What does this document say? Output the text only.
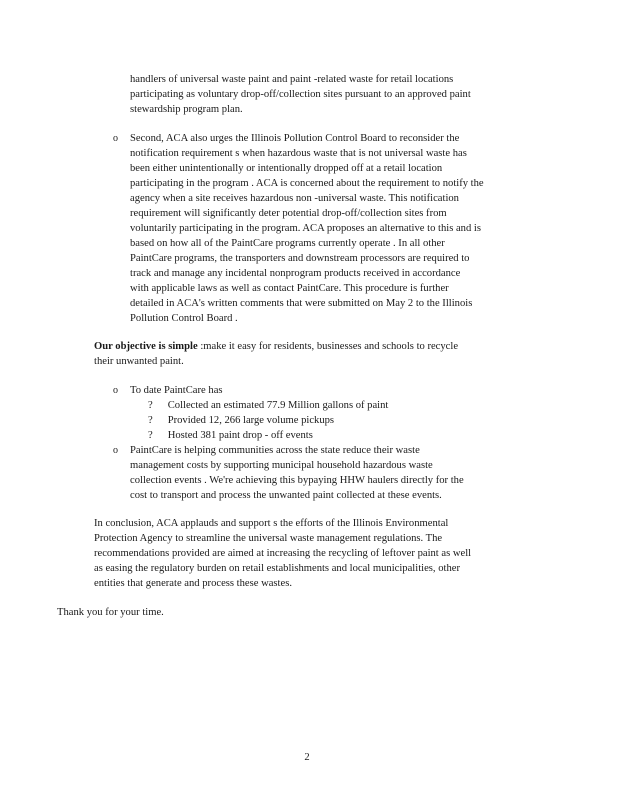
handlers of universal waste paint and paint -related waste for retail locations
participating as voluntary drop-off/collection sites pursuant to an approved paint
stewardship program plan.
o Second, ACA also urges the Illinois Pollution Control Board to reconsider the
notification requirement s when hazardous waste that is not universal waste has
been either unintentionally or intentionally dropped off at a retail location
participating in the program . ACA is concerned about the requirement to notify the
agency when a site receives hazardous non -universal waste. This notification
requirement will significantly deter potential drop-off/collection sites from
voluntarily participating in the program. ACA proposes an alternative to this and is
based on how all of the PaintCare programs currently operate . In all other
PaintCare programs, the transporters and downstream processors are required to
track and manage any incidental nonprogram products received in accordance
with applicable laws as well as contact PaintCare. This procedure is further
detailed in ACA's written comments that were submitted on May 2 to the Illinois
Pollution Control Board .
Our objective is simple :make it easy for residents, businesses and schools to recycle
their unwanted paint.
o To date PaintCare has
? Collected an estimated 77.9 Million gallons of paint
? Provided 12, 266 large volume pickups
? Hosted 381 paint drop - off events
o PaintCare is helping communities across the state reduce their waste
management costs by supporting municipal household hazardous waste
collection events . We're achieving this bypaying HHW haulers directly for the
cost to transport and process the unwanted paint collected at these events.
In conclusion, ACA applauds and support s the efforts of the Illinois Environmental
Protection Agency to streamline the universal waste management regulations. The
recommendations provided are aimed at increasing the recycling of leftover paint as well
as easing the regulatory burden on retail establishments and local municipalities, other
entities that generate and process these wastes.
Thank you for your time.
2
